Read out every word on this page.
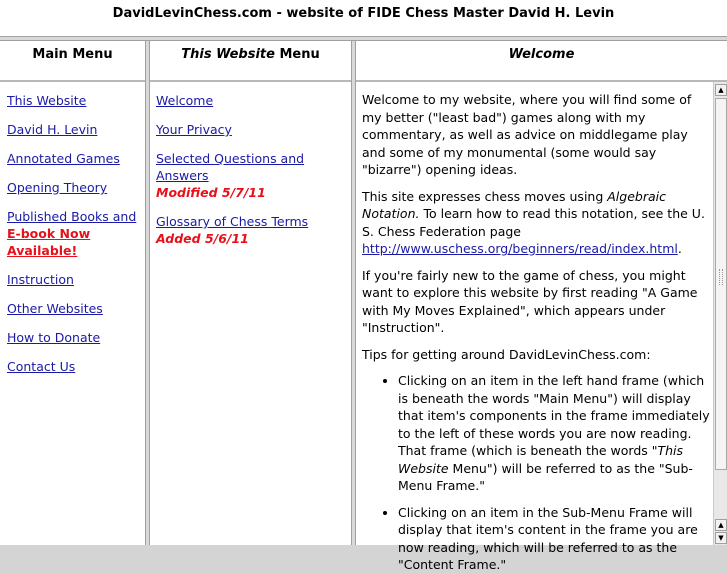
DavidLevinChess.com - website of FIDE Chess Master David H. Levin
Main Menu
This Website
David H. Levin
Annotated Games
Opening Theory
Published Books and
E-book Now Available!
Instruction
Other Websites
How to Donate
Contact Us
This Website Menu
Welcome
Your Privacy
Selected Questions and Answers
Modified 5/7/11
Glossary of Chess Terms
Added 5/6/11
Welcome

Welcome to my website, where you will find some of my better ("least bad") games along with my commentary, as well as advice on middlegame play and some of my monumental (some would say "bizarre") opening ideas.

This site expresses chess moves using Algebraic Notation. To learn how to read this notation, see the U. S. Chess Federation page http://www.uschess.org/beginners/read/index.html.

If you're fairly new to the game of chess, you might want to explore this website by first reading "A Game with My Moves Explained", which appears under "Instruction".

Tips for getting around DavidLevinChess.com:

• Clicking on an item in the left hand frame (which is beneath the words "Main Menu") will display that item's components in the frame immediately to the left of these words you are now reading. That frame (which is beneath the words "This Website Menu") will be referred to as the "Sub-Menu Frame."
• Clicking on an item in the Sub-Menu Frame will display that item's content in the frame you are now reading, which will be referred to as the "Content Frame."
▲
▲
▼
